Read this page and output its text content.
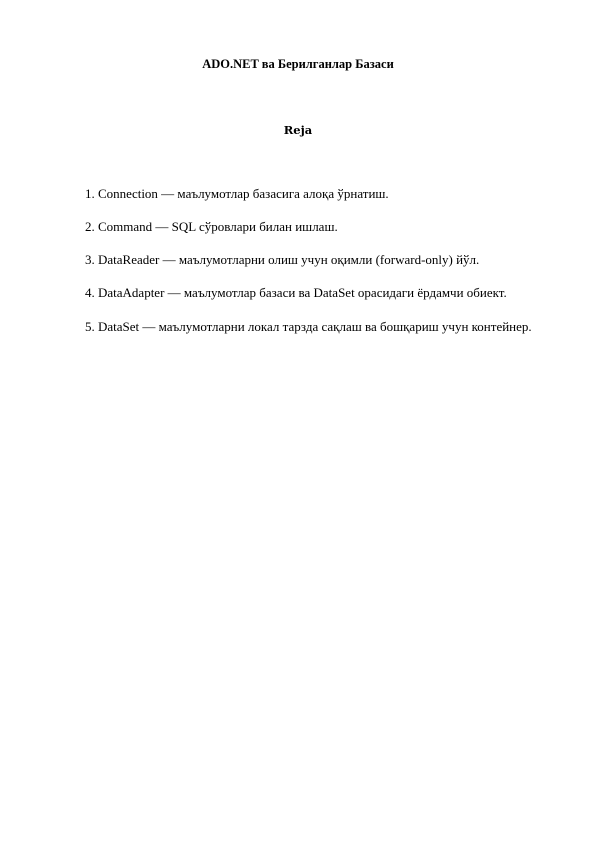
ADO.NET ва Берилганлар Базаси
Reja
1. Connection — маълумотлар базасига алоқа ўрнатиш.
2. Command — SQL сўровлари билан ишлаш.
3. DataReader — маълумотларни олиш учун оқимли (forward-only) йўл.
4. DataAdapter — маълумотлар базаси ва DataSet орасидаги ёрдамчи обиект.
5. DataSet — маълумотларни локал тарзда сақлаш ва бошқариш учун контейнер.
